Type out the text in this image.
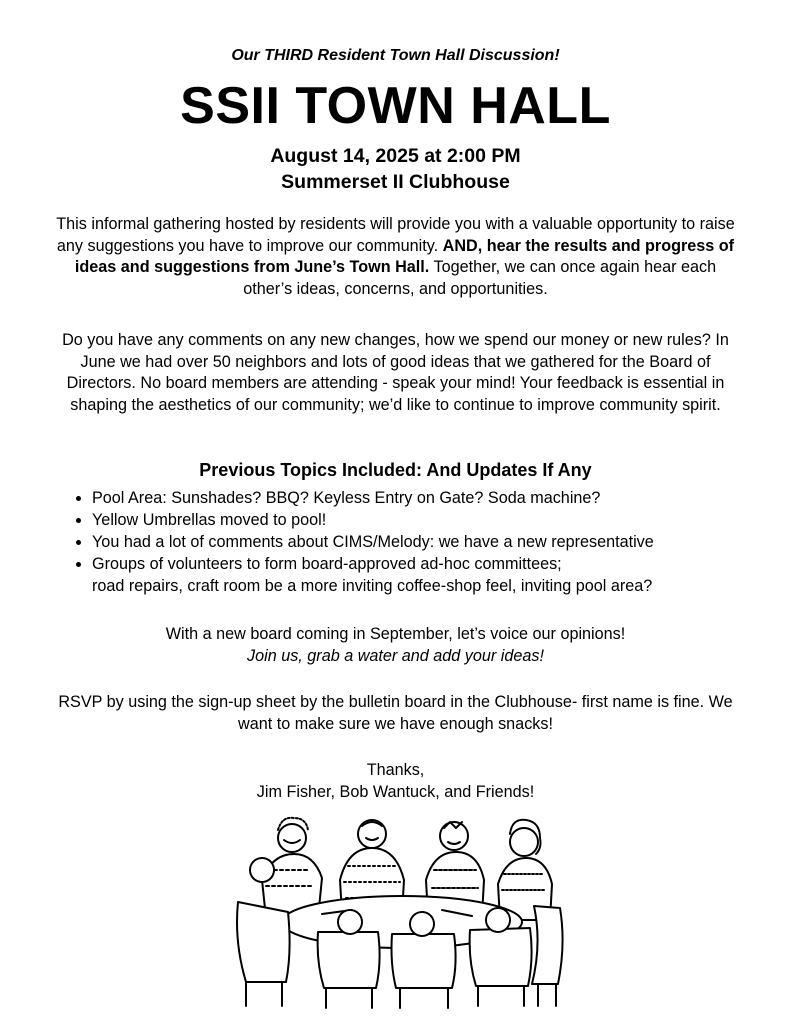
Our THIRD Resident Town Hall Discussion!
SSII TOWN HALL
August 14, 2025 at 2:00 PM
Summerset II Clubhouse
This informal gathering hosted by residents will provide you with a valuable opportunity to raise any suggestions you have to improve our community. AND, hear the results and progress of ideas and suggestions from June’s Town Hall. Together, we can once again hear each other’s ideas, concerns, and opportunities.
Do you have any comments on any new changes, how we spend our money or new rules? In June we had over 50 neighbors and lots of good ideas that we gathered for the Board of Directors. No board members are attending - speak your mind! Your feedback is essential in shaping the aesthetics of our community; we’d like to continue to improve community spirit.
Previous Topics Included: And Updates If Any
• Pool Area: Sunshades? BBQ? Keyless Entry on Gate? Soda machine?
• Yellow Umbrellas moved to pool!
• You had a lot of comments about CIMS/Melody: we have a new representative
• Groups of volunteers to form board-approved ad-hoc committees;
road repairs, craft room be a more inviting coffee-shop feel, inviting pool area?
With a new board coming in September, let’s voice our opinions!
Join us, grab a water and add your ideas!
RSVP by using the sign-up sheet by the bulletin board in the Clubhouse- first name is fine. We want to make sure we have enough snacks!
Thanks,
Jim Fisher, Bob Wantuck, and Friends!
